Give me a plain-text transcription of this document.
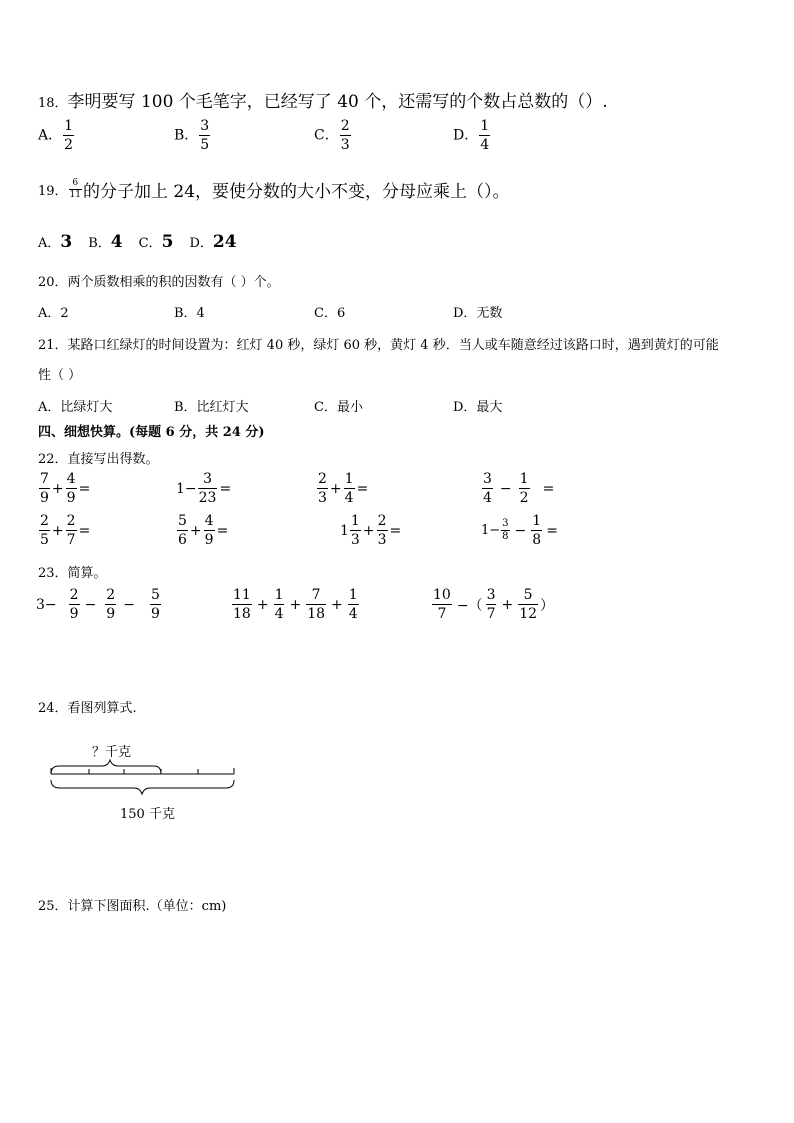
18．李明要写 100 个毛笔字，已经写了 40 个，还需写的个数占总数的（）.
A． $\frac{1}{2}$	B． $\frac{3}{5}$	C． $\frac{2}{3}$	D． $\frac{1}{4}$
19． $\frac{6}{11}$ 的分子加上 24，要使分数的大小不变，分母应乘上（）。
A．3 B．4 C．5 D．24
20．两个质数相乘的积的因数有（ ）个。
A．2	B．4	C．6	D．无数
21．某路口红绿灯的时间设置为：红灯 40 秒，绿灯 60 秒，黄灯 4 秒．当人或车随意经过该路口时，遇到黄灯的可能
性（ ）
A．比绿灯大	B．比红灯大	C．最小	D．最大
四、细想快算。(每题 6 分，共 24 分)
22．直接写出得数。
$\frac{7}{9} + \frac{4}{9}$ =	$1- \frac{3}{23}$ =	$\frac{2}{3} + \frac{1}{4}$ =	$\frac{3}{4} - \frac{1}{2}$ =
$\frac{2}{5} + \frac{2}{7}$ =	$\frac{5}{6} + \frac{4}{9}$ =	$1 \frac{1}{3} + \frac{2}{3}$ =	$1- \frac{3}{8} - \frac{1}{8}$ =
23．简算。
$3- \frac{2}{9} - \frac{2}{9} - \frac{5}{9}$	$\frac{11}{18} + \frac{1}{4} + \frac{7}{18} + \frac{1}{4}$	$\frac{10}{7}$ −（ $\frac{3}{7} + \frac{5}{12}$ ）
24．看图列算式.
？千克
150 千克
25．计算下图面积.（单位：cm)
